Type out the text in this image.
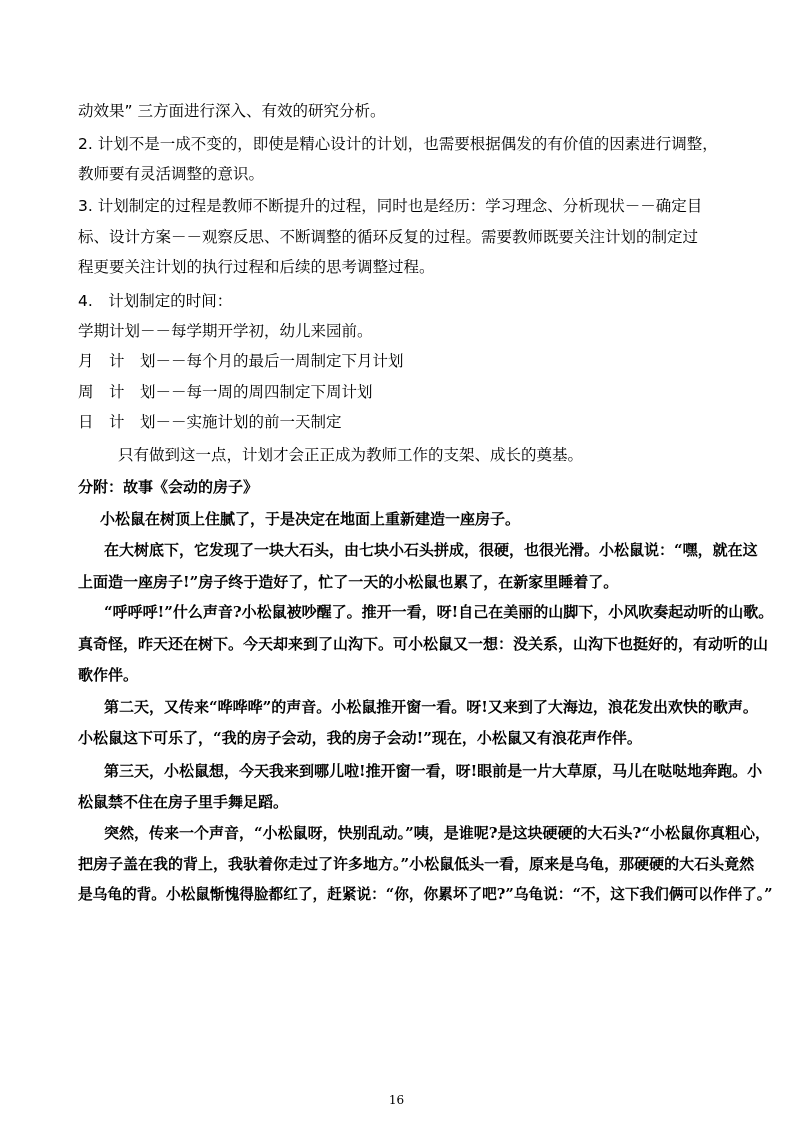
动效果” 三方面进行深入、有效的研究分析。
2. 计划不是一成不变的，即使是精心设计的计划，也需要根据偶发的有价值的因素进行调整，
教师要有灵活调整的意识。
3. 计划制定的过程是教师不断提升的过程，同时也是经历：学习理念、分析现状－－确定目
标、设计方案－－观察反思、不断调整的循环反复的过程。需要教师既要关注计划的制定过
程更要关注计划的执行过程和后续的思考调整过程。
4.　计划制定的时间：
学期计划－－每学期开学初，幼儿来园前。
月　计　划－－每个月的最后一周制定下月计划
周　计　划－－每一周的周四制定下周计划
日　计　划－－实施计划的前一天制定
只有做到这一点，计划才会正正成为教师工作的支架、成长的奠基。
分附：故事《会动的房子》
小松鼠在树顶上住腻了，于是决定在地面上重新建造一座房子。
在大树底下，它发现了一块大石头，由七块小石头拼成，很硬，也很光滑。小松鼠说：“嘿，就在这
上面造一座房子!”房子终于造好了，忙了一天的小松鼠也累了，在新家里睡着了。
“呼呼呼!”什么声音?小松鼠被吵醒了。推开一看，呀!自己在美丽的山脚下，小风吹奏起动听的山歌。
真奇怪，昨天还在树下。今天却来到了山沟下。可小松鼠又一想：没关系，山沟下也挺好的，有动听的山
歌作伴。
第二天，又传来“哗哗哗”的声音。小松鼠推开窗一看。呀!又来到了大海边，浪花发出欢快的歌声。
小松鼠这下可乐了，“我的房子会动，我的房子会动!”现在，小松鼠又有浪花声作伴。
第三天，小松鼠想，今天我来到哪儿啦!推开窗一看，呀!眼前是一片大草原，马儿在哒哒地奔跑。小
松鼠禁不住在房子里手舞足蹈。
突然，传来一个声音，“小松鼠呀，快别乱动。”咦，是谁呢?是这块硬硬的大石头?“小松鼠你真粗心，
把房子盖在我的背上，我驮着你走过了许多地方。”小松鼠低头一看，原来是乌龟，那硬硬的大石头竟然
是乌龟的背。小松鼠惭愧得脸都红了，赶紧说：“你，你累坏了吧?”乌龟说：“不，这下我们俩可以作伴了。”
16
